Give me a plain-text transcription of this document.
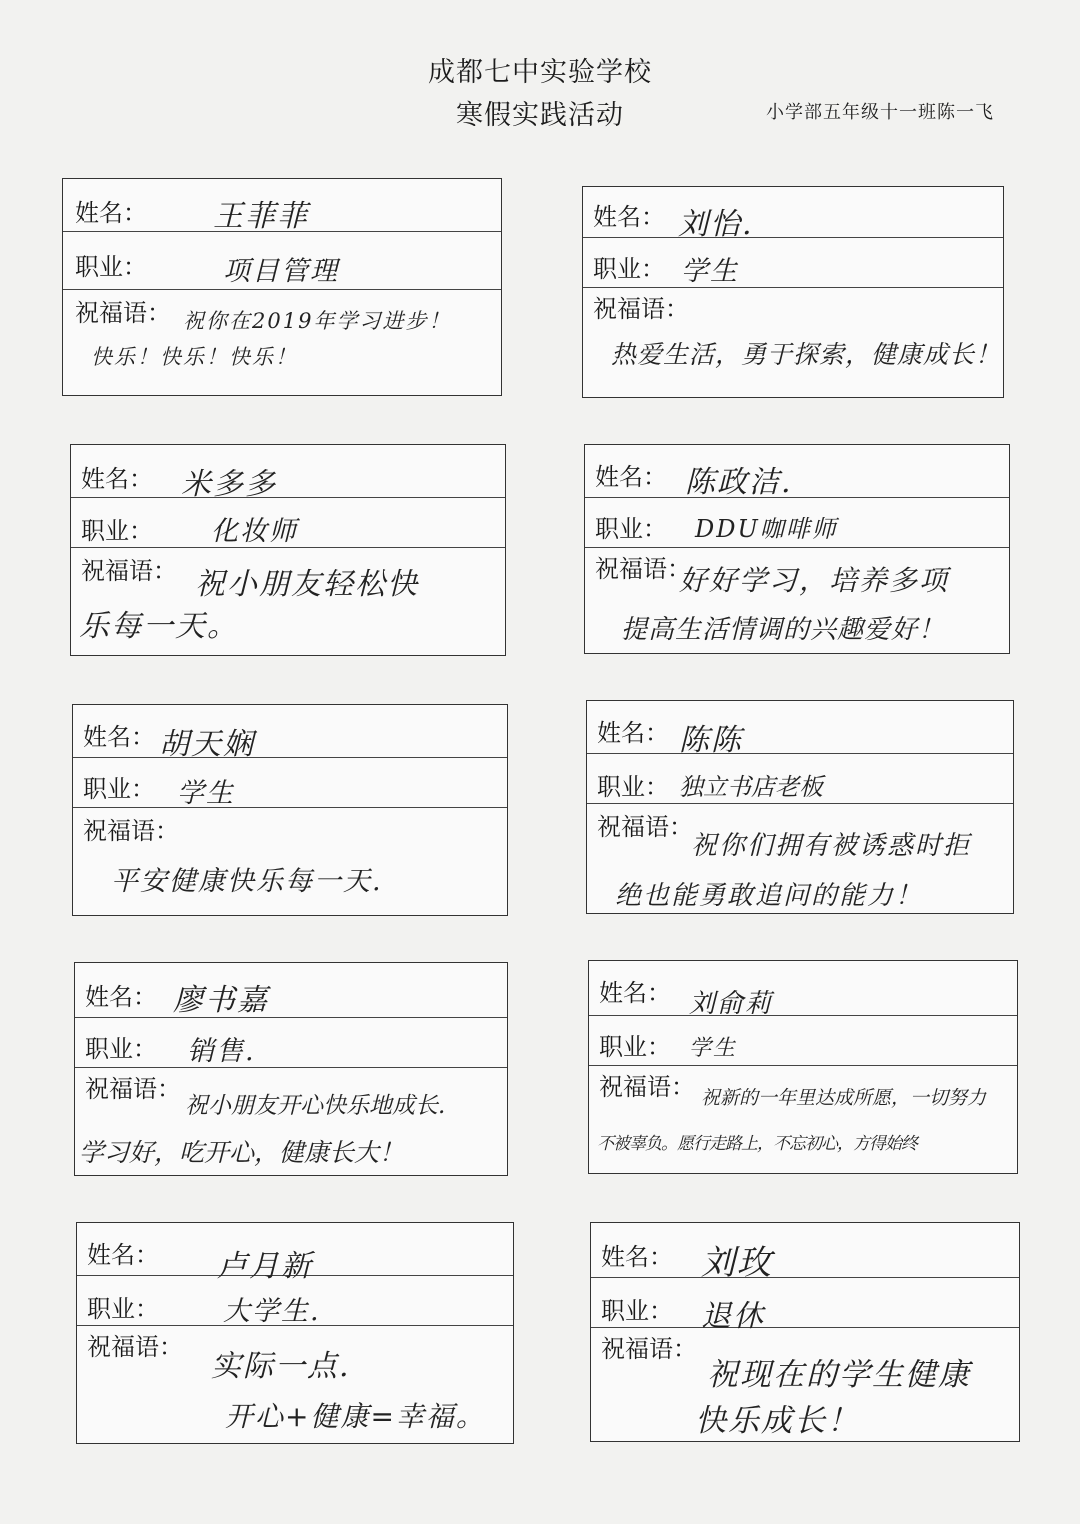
成都七中实验学校
寒假实践活动	小学部五年级十一班陈一飞
姓名： 王菲菲
职业：	项目管理
祝福语： 祝你在2019年学习进步！
快乐！快乐！快乐！
姓名： 刘怡.
职业： 学生
祝福语：
热爱生活，勇于探索，健康成长！
姓名： 米多多
职业： 化妆师
祝福语： 祝小朋友轻松快
乐每一天。
姓名： 陈政洁.
职业： DDU咖啡师
祝福语：
好好学习，培养多项
提高生活情调的兴趣爱好！
姓名： 胡天娴
职业： 学生
祝福语：
平安健康快乐每一天.
姓名： 陈陈
职业： 独立书店老板
祝福语：
祝你们拥有被诱惑时拒
绝也能勇敢追问的能力！
姓名： 廖书嘉
职业： 销售.
祝福语：
祝小朋友开心快乐地成长.
学习好，吃开心，健康长大！
姓名： 刘俞莉
职业： 学生
祝福语： 祝新的一年里达成所愿，一切努力
不被辜负。愿行走路上，不忘初心，方得始终
姓名： 卢月新
职业： 大学生.
祝福语：
实际一点.
开心+健康=幸福。
姓名： 刘玫
职业： 退休
祝福语：
祝现在的学生健康
快乐成长！
